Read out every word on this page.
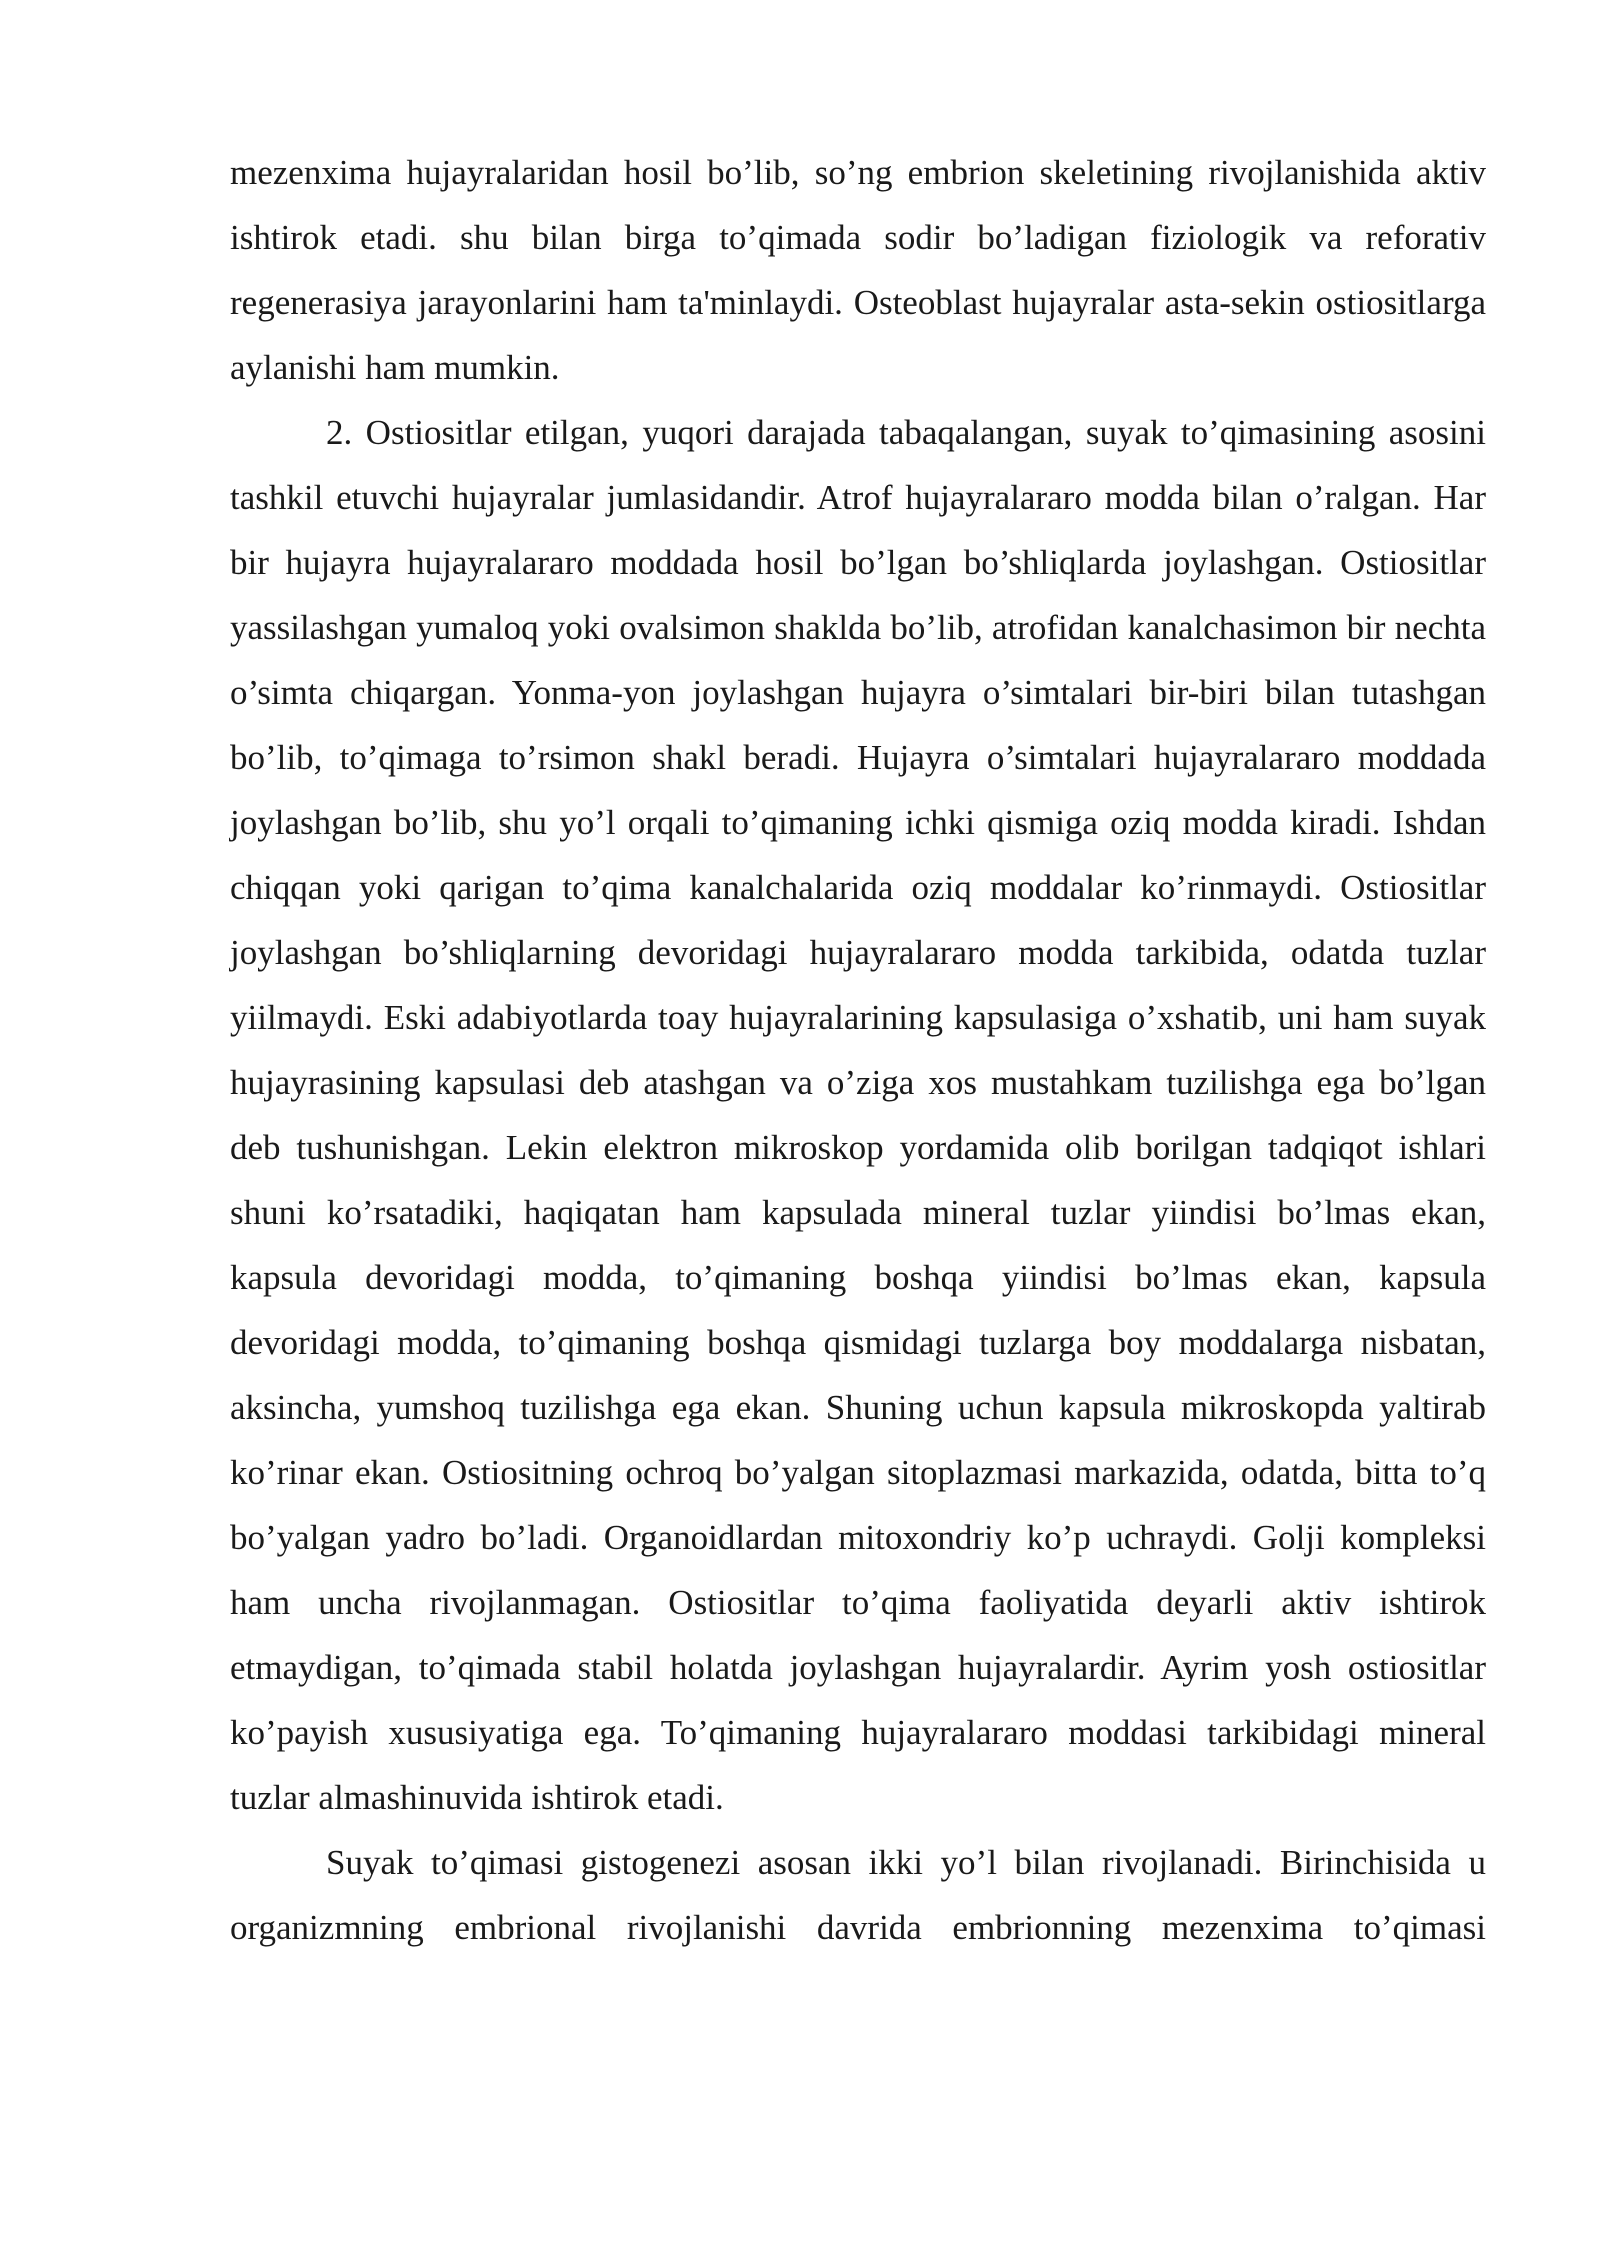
mezenxima hujayralaridan hosil bo’lib, so’ng embrion skeletining rivojlanishida aktiv ishtirok etadi. shu bilan birga to’qimada sodir bo’ladigan fiziologik va reforativ regenerasiya jarayonlarini ham ta'minlaydi. Osteoblast hujayralar asta-sekin ostiositlarga aylanishi ham mumkin.

2. Ostiositlar etilgan, yuqori darajada tabaqalangan, suyak to’qimasining asosini tashkil etuvchi hujayralar jumlasidandir. Atrof hujayralararo modda bilan o’ralgan. Har bir hujayra hujayralararo moddada hosil bo’lgan bo’shliqlarda joylashgan. Ostiositlar yassilashgan yumaloq yoki ovalsimon shaklda bo’lib, atrofidan kanalchasimon bir nechta o’simta chiqargan. Yonma-yon joylashgan hujayra o’simtalari bir-biri bilan tutashgan bo’lib, to’qimaga to’rsimon shakl beradi. Hujayra o’simtalari hujayralararo moddada joylashgan bo’lib, shu yo’l orqali to’qimaning ichki qismiga oziq modda kiradi. Ishdan chiqqan yoki qarigan to’qima kanalchalarida oziq moddalar ko’rinmaydi. Ostiositlar joylashgan bo’shliqlarning devoridagi hujayralararo modda tarkibida, odatda tuzlar yiilmaydi. Eski adabiyotlarda toay hujayralarining kapsulasiga o’xshatib, uni ham suyak hujayrasining kapsulasi deb atashgan va o’ziga xos mustahkam tuzilishga ega bo’lgan deb tushunishgan. Lekin elektron mikroskop yordamida olib borilgan tadqiqot ishlari shuni ko’rsatadiki, haqiqatan ham kapsulada mineral tuzlar yiindisi bo’lmas ekan, kapsula devoridagi modda, to’qimaning boshqa yiindisi bo’lmas ekan, kapsula devoridagi modda, to’qimaning boshqa qismidagi tuzlarga boy moddalarga nisbatan, aksincha, yumshoq tuzilishga ega ekan. Shuning uchun kapsula mikroskopda yaltirab ko’rinar ekan. Ostiositning ochroq bo’yalgan sitoplazmasi markazida, odatda, bitta to’q bo’yalgan yadro bo’ladi. Organoidlardan mitoxondriy ko’p uchraydi. Golji kompleksi ham uncha rivojlanmagan. Ostiositlar to’qima faoliyatida deyarli aktiv ishtirok etmaydigan, to’qimada stabil holatda joylashgan hujayralardir. Ayrim yosh ostiositlar ko’payish xususiyatiga ega. To’qimaning hujayralararo moddasi tarkibidagi mineral tuzlar almashinuvida ishtirok etadi.

Suyak to’qimasi gistogenezi asosan ikki yo’l bilan rivojlanadi. Birinchisida u organizmning embrional rivojlanishi davrida embrionning mezenxima to’qimasi
